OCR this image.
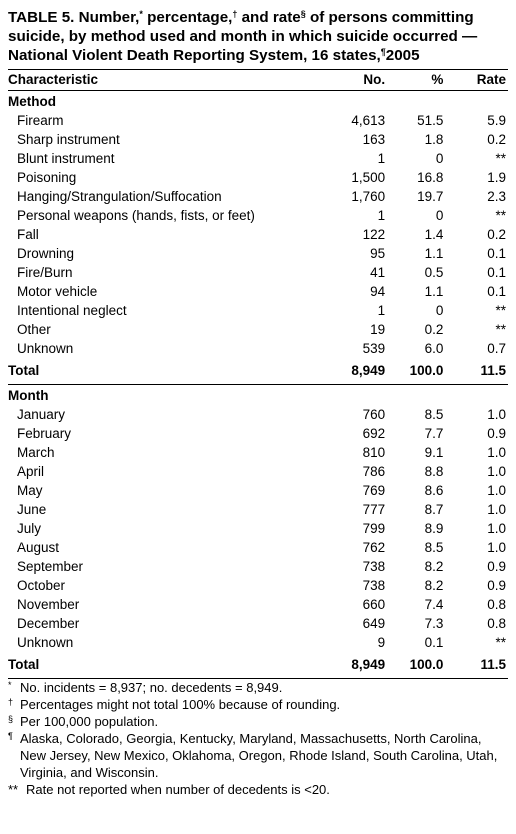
TABLE 5. Number,* percentage,† and rate§ of persons committing suicide, by method used and month in which suicide occurred — National Violent Death Reporting System, 16 states,¶2005
Characteristic	No.	%	Rate
Method			
Firearm	4,613	51.5	5.9
Sharp instrument	163	1.8	0.2
Blunt instrument	1	0	**
Poisoning	1,500	16.8	1.9
Hanging/Strangulation/Suffocation	1,760	19.7	2.3
Personal weapons (hands, fists, or feet)	1	0	**
Fall	122	1.4	0.2
Drowning	95	1.1	0.1
Fire/Burn	41	0.5	0.1
Motor vehicle	94	1.1	0.1
Intentional neglect	1	0	**
Other	19	0.2	**
Unknown	539	6.0	0.7
Total	8,949	100.0	11.5
Month			
January	760	8.5	1.0
February	692	7.7	0.9
March	810	9.1	1.0
April	786	8.8	1.0
May	769	8.6	1.0
June	777	8.7	1.0
July	799	8.9	1.0
August	762	8.5	1.0
September	738	8.2	0.9
October	738	8.2	0.9
November	660	7.4	0.8
December	649	7.3	0.8
Unknown	9	0.1	**
Total	8,949	100.0	11.5
* No. incidents = 8,937; no. decedents = 8,949.
† Percentages might not total 100% because of rounding.
§ Per 100,000 population.
¶ Alaska, Colorado, Georgia, Kentucky, Maryland, Massachusetts, North Carolina, New Jersey, New Mexico, Oklahoma, Oregon, Rhode Island, South Carolina, Utah, Virginia, and Wisconsin.
** Rate not reported when number of decedents is <20.
